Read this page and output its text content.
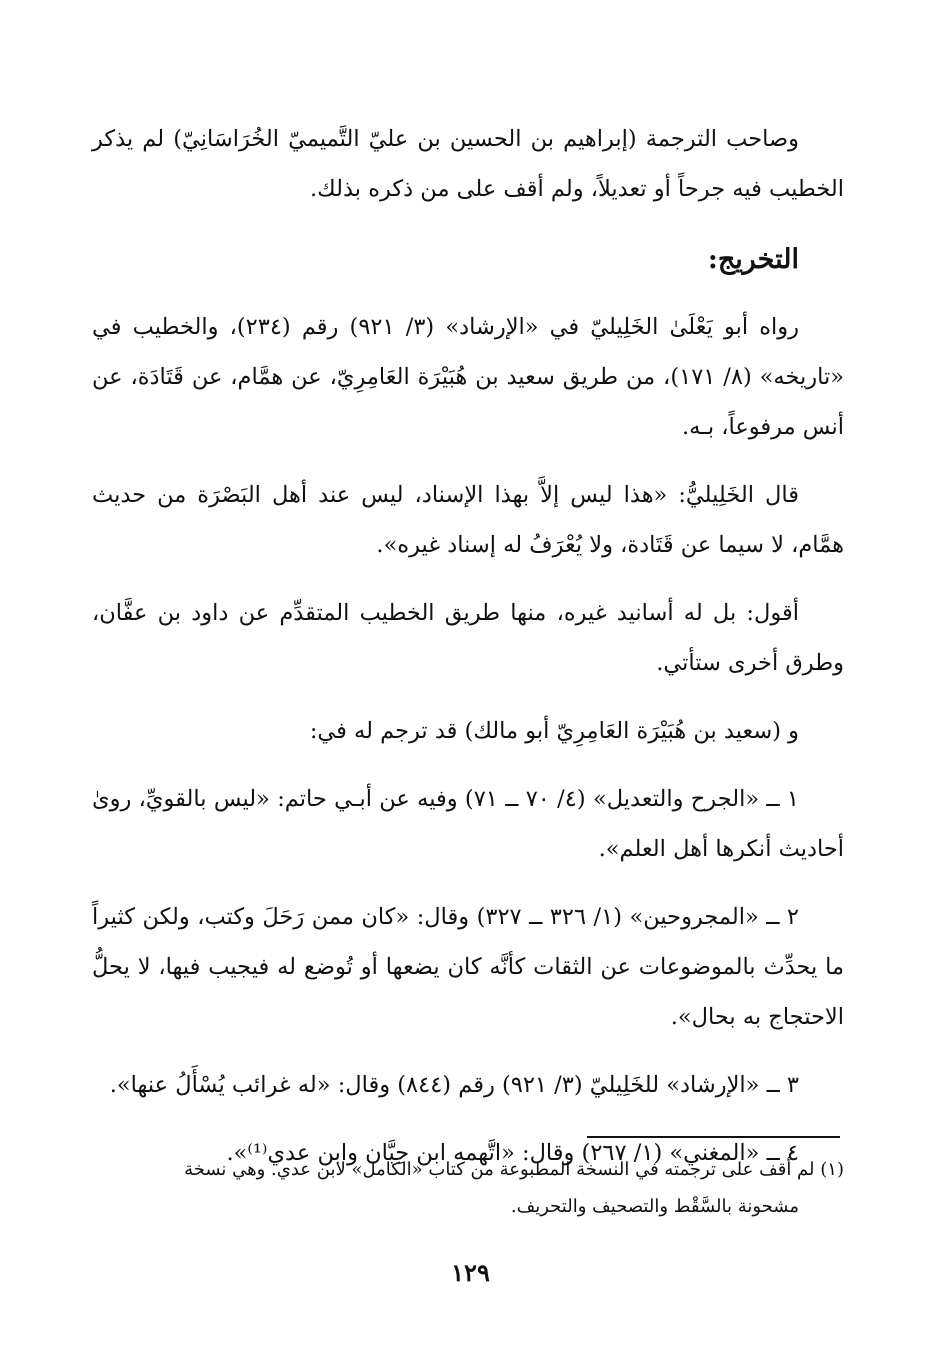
وصاحب الترجمة (إبراهيم بن الحسين بن عليّ التَّميميّ الخُرَاسَانِيّ) لم يذكر الخطيب فيه جرحاً أو تعديلاً، ولم أقف على من ذكره بذلك.

التخريج:

رواه أبو يَعْلَىٰ الخَلِيليّ في «الإرشاد» (٣/ ٩٢١) رقم (٢٣٤)، والخطيب في «تاريخه» (٨/ ١٧١)، من طريق سعيد بن هُبَيْرَة العَامِرِيّ، عن همَّام، عن قَتَادَة، عن أنس مرفوعاً، بـه.

قال الخَلِيليُّ: «هذا ليس إلاَّ بهذا الإسناد، ليس عند أهل البَصْرَة من حديث همَّام، لا سيما عن قَتَادة، ولا يُعْرَفُ له إسناد غيره».

أقول: بل له أسانيد غيره، منها طريق الخطيب المتقدِّم عن داود بن عفَّان، وطرق أخرى ستأتي.

و (سعيد بن هُبَيْرَة العَامِرِيّ أبو مالك) قد ترجم له في:

١ ــ «الجرح والتعديل» (٤/ ٧٠ ــ ٧١) وفيه عن أبـي حاتم: «ليس بالقويِّ، روىٰ أحاديث أنكرها أهل العلم».

٢ ــ «المجروحين» (١/ ٣٢٦ ــ ٣٢٧) وقال: «كان ممن رَحَلَ وكتب، ولكن كثيراً ما يحدِّث بالموضوعات عن الثقات كأنَّه كان يضعها أو تُوضع له فيجيب فيها، لا يحلُّ الاحتجاج به بحال».

٣ ــ «الإرشاد» للخَلِيليّ (٣/ ٩٢١) رقم (٨٤٤) وقال: «له غرائب يُسْأَلُ عنها».

٤ ــ «المغني» (١/ ٢٦٧) وقال: «اتَّهمه ابن حِبَّان وابن عدي⁽¹⁾».

(١) لم أقف على ترجمته في النسخة المطبوعة من كتاب «الكامل» لابن عدي. وهي نسخة
مشحونة بالسَّقْط والتصحيف والتحريف.
١٢٩
